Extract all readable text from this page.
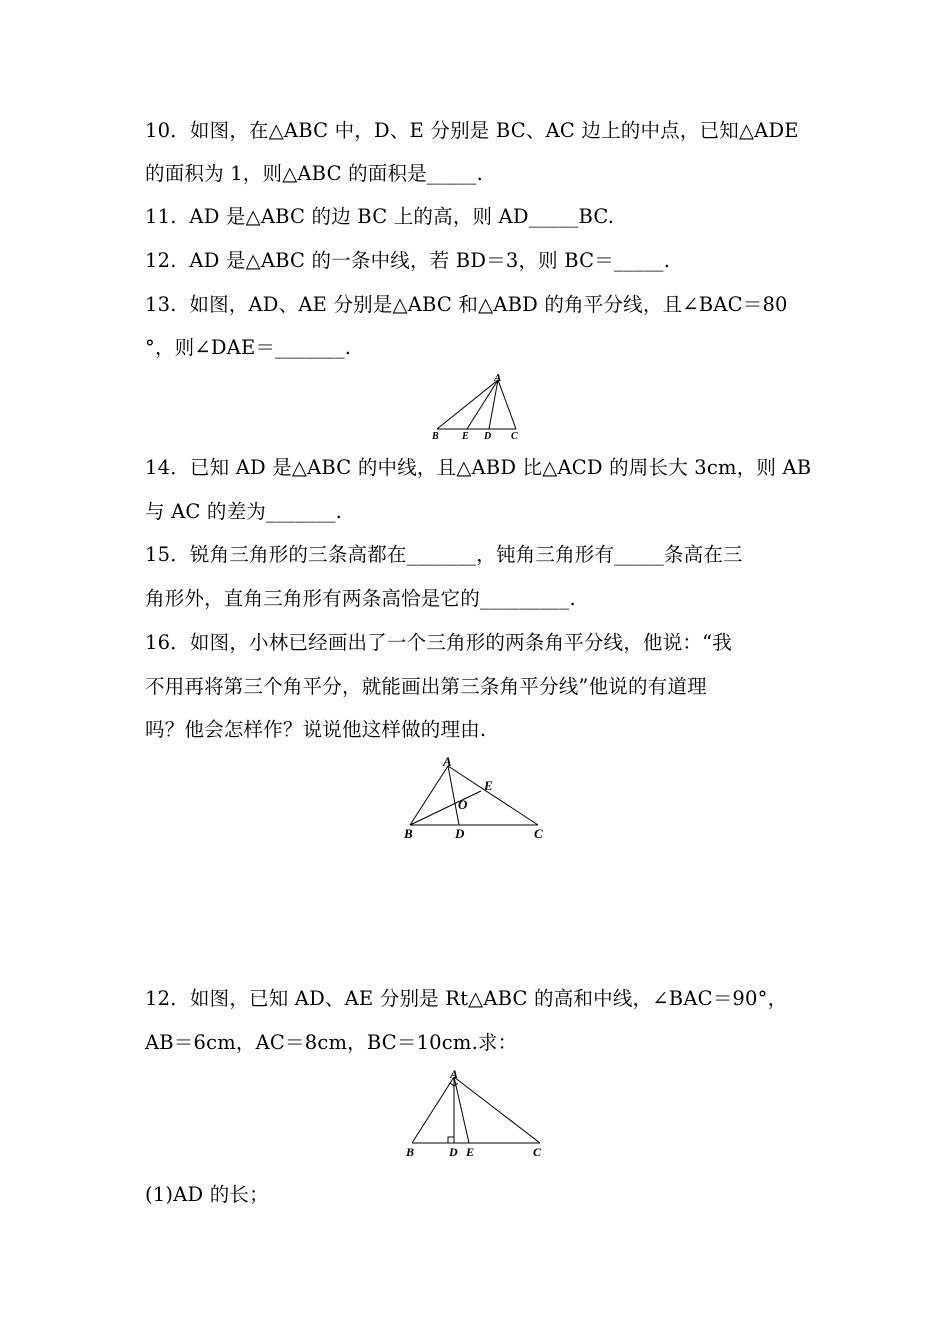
10．如图，在△ABC 中，D、E 分别是 BC、AC 边上的中点，已知△ADE
的面积为 1，则△ABC 的面积是_____.
11.  AD 是△ABC 的边 BC 上的高，则 AD_____BC.
12.  AD 是△ABC 的一条中线，若 BD＝3，则 BC＝_____.
13.  如图，AD、AE 分别是△ABC 和△ABD 的角平分线，且∠BAC＝80
°，则∠DAE＝_______.
A
B E D C
14．已知 AD 是△ABC 的中线，且△ABD 比△ACD 的周长大 3cm，则 AB
与 AC 的差为_______.
15．锐角三角形的三条高都在_______，钝角三角形有_____条高在三
角形外，直角三角形有两条高恰是它的_________.
16．如图，小林已经画出了一个三角形的两条角平分线，他说：“我
不用再将第三个角平分，就能画出第三条角平分线”他说的有道理
吗？他会怎样作？说说他这样做的理由.
A
E
O
B	D	C
12．如图，已知 AD、AE 分别是 Rt△ABC 的高和中线，∠BAC＝90°，
AB＝6cm，AC＝8cm，BC＝10cm.求：
A
B	D E	C
(1)AD 的长；
